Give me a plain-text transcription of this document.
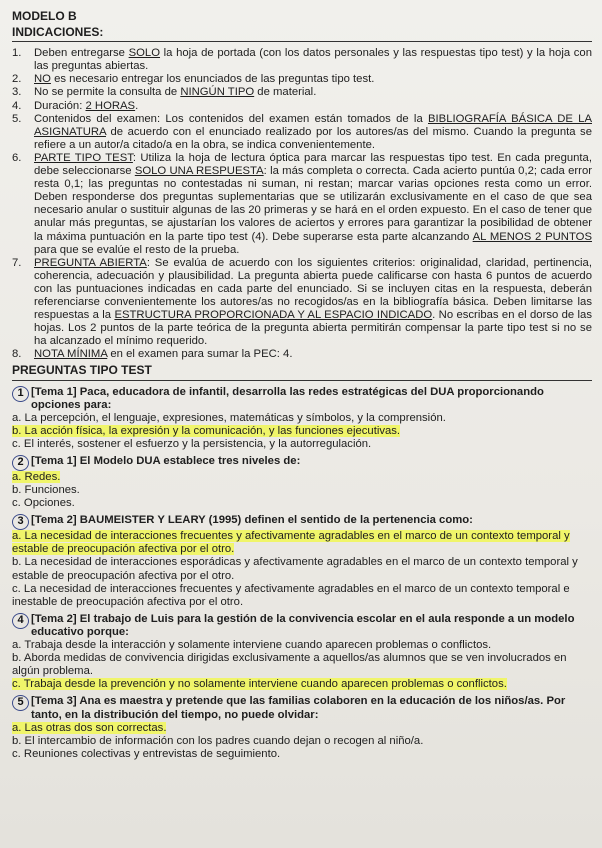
MODELO B
INDICACIONES:
1.	Deben entregarse SOLO la hoja de portada (con los datos personales y las respuestas tipo test) y la hoja con las preguntas abiertas.
2.	NO es necesario entregar los enunciados de las preguntas tipo test.
3.	No se permite la consulta de NINGÚN TIPO de material.
4.	Duración: 2 HORAS.
5.	Contenidos del examen: Los contenidos del examen están tomados de la BIBLIOGRAFÍA BÁSICA DE LA ASIGNATURA de acuerdo con el enunciado realizado por los autores/as del mismo. Cuando la pregunta se refiere a un autor/a citado/a en la obra, se indica convenientemente.
6.	PARTE TIPO TEST: Utiliza la hoja de lectura óptica para marcar las respuestas tipo test. En cada pregunta, debe seleccionarse SOLO UNA RESPUESTA: la más completa o correcta. Cada acierto puntúa 0,2; cada error resta 0,1; las preguntas no contestadas ni suman, ni restan; marcar varias opciones resta como un error. Deben responderse dos preguntas suplementarias que se utilizarán exclusivamente en el caso de que sea necesario anular o sustituir algunas de las 20 primeras y se hará en el orden expuesto. En el caso de tener que anular más preguntas, se ajustarían los valores de aciertos y errores para garantizar la posibilidad de obtener la máxima puntuación en la parte tipo test (4). Debe superarse esta parte alcanzando AL MENOS 2 PUNTOS para que se evalúe el resto de la prueba.
7.	PREGUNTA ABIERTA: Se evalúa de acuerdo con los siguientes criterios: originalidad, claridad, pertinencia, coherencia, adecuación y plausibilidad. La pregunta abierta puede calificarse con hasta 6 puntos de acuerdo con las puntuaciones indicadas en cada parte del enunciado. Si se incluyen citas en la respuesta, deberán referenciarse convenientemente los autores/as no recogidos/as en la bibliografía básica. Deben limitarse las respuestas a la ESTRUCTURA PROPORCIONADA Y AL ESPACIO INDICADO. No escribas en el dorso de las hojas. Los 2 puntos de la parte teórica de la pregunta abierta permitirán compensar la parte tipo test si no se ha alcanzado el mínimo requerido.
8.	NOTA MÍNIMA en el examen para sumar la PEC: 4.
PREGUNTAS TIPO TEST
1 [Tema 1] Paca, educadora de infantil, desarrolla las redes estratégicas del DUA proporcionando opciones para:
a. La percepción, el lenguaje, expresiones, matemáticas y símbolos, y la comprensión.
b. La acción física, la expresión y la comunicación, y las funciones ejecutivas.
c. El interés, sostener el esfuerzo y la persistencia, y la autorregulación.
2 [Tema 1] El Modelo DUA establece tres niveles de:
a. Redes.
b. Funciones.
c. Opciones.
3 [Tema 2] BAUMEISTER Y LEARY (1995) definen el sentido de la pertenencia como:
a. La necesidad de interacciones frecuentes y afectivamente agradables en el marco de un contexto temporal y estable de preocupación afectiva por el otro.
b. La necesidad de interacciones esporádicas y afectivamente agradables en el marco de un contexto temporal y estable de preocupación afectiva por el otro.
c. La necesidad de interacciones frecuentes y afectivamente agradables en el marco de un contexto temporal e inestable de preocupación afectiva por el otro.
4 [Tema 2] El trabajo de Luis para la gestión de la convivencia escolar en el aula responde a un modelo educativo porque:
a. Trabaja desde la interacción y solamente interviene cuando aparecen problemas o conflictos.
b. Aborda medidas de convivencia dirigidas exclusivamente a aquellos/as alumnos que se ven involucrados en algún problema.
c. Trabaja desde la prevención y no solamente interviene cuando aparecen problemas o conflictos.
5 [Tema 3] Ana es maestra y pretende que las familias colaboren en la educación de los niños/as. Por tanto, en la distribución del tiempo, no puede olvidar:
a. Las otras dos son correctas.
b. El intercambio de información con los padres cuando dejan o recogen al niño/a.
c. Reuniones colectivas y entrevistas de seguimiento.
